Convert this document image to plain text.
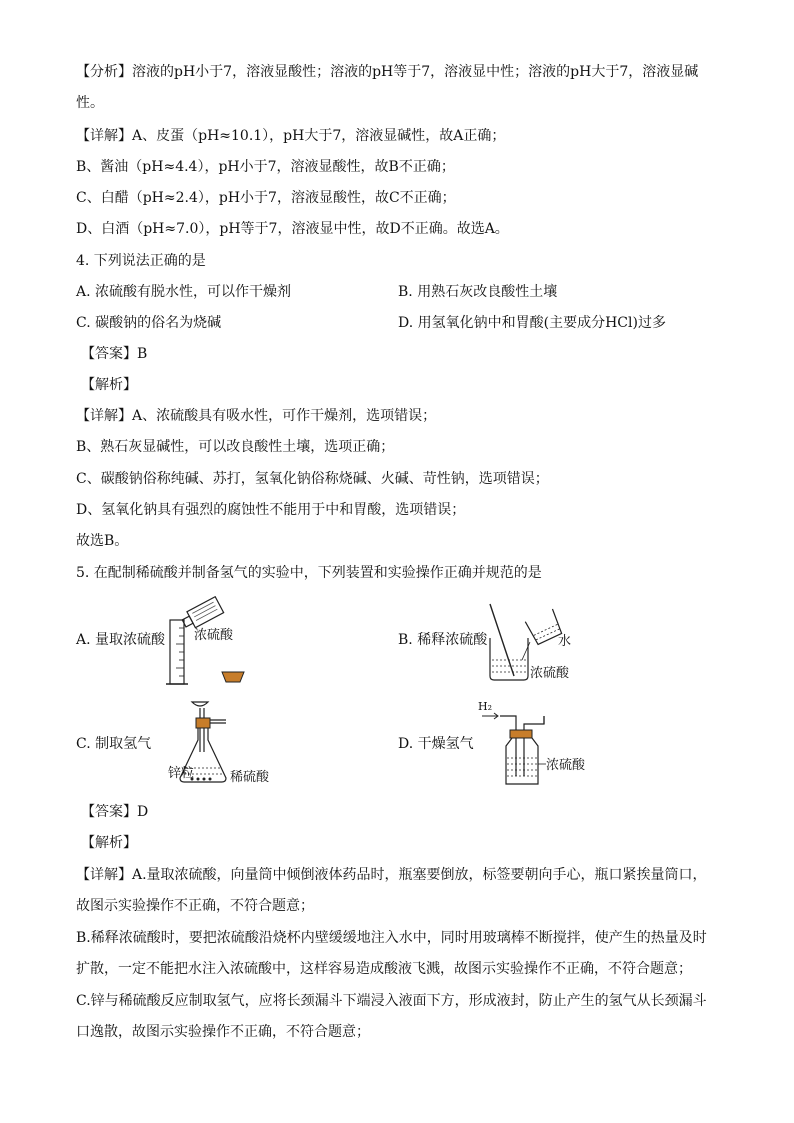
【分析】溶液的pH小于7，溶液显酸性；溶液的pH等于7，溶液显中性；溶液的pH大于7，溶液显碱
性。
【详解】A、皮蛋（pH≈10.1），pH大于7，溶液显碱性，故A正确；
B、酱油（pH≈4.4），pH小于7，溶液显酸性，故B不正确；
C、白醋（pH≈2.4），pH小于7，溶液显酸性，故C不正确；
D、白酒（pH≈7.0），pH等于7，溶液显中性，故D不正确。故选A。
4. 下列说法正确的是
A. 浓硫酸有脱水性，可以作干燥剂	B. 用熟石灰改良酸性土壤
C. 碳酸钠的俗名为烧碱	D. 用氢氧化钠中和胃酸(主要成分HCl)过多
【答案】B
【解析】
【详解】A、浓硫酸具有吸水性，可作干燥剂，选项错误；
B、熟石灰显碱性，可以改良酸性土壤，选项正确；
C、碳酸钠俗称纯碱、苏打，氢氧化钠俗称烧碱、火碱、苛性钠，选项错误；
D、氢氧化钠具有强烈的腐蚀性不能用于中和胃酸，选项错误；
故选B。
5. 在配制稀硫酸并制备氢气的实验中，下列装置和实验操作正确并规范的是
A. 量取浓硫酸 浓硫酸	B. 稀释浓硫酸	水
浓硫酸
C. 制取氢气
锌粒	稀硫酸
D. 干燥氢气
H₂
浓硫酸
【答案】D
【解析】
【详解】A.量取浓硫酸，向量筒中倾倒液体药品时，瓶塞要倒放，标签要朝向手心，瓶口紧挨量筒口，
故图示实验操作不正确，不符合题意；
B.稀释浓硫酸时，要把浓硫酸沿烧杯内壁缓缓地注入水中，同时用玻璃棒不断搅拌，使产生的热量及时
扩散，一定不能把水注入浓硫酸中，这样容易造成酸液飞溅，故图示实验操作不正确，不符合题意；
C.锌与稀硫酸反应制取氢气，应将长颈漏斗下端浸入液面下方，形成液封，防止产生的氢气从长颈漏斗
口逸散，故图示实验操作不正确，不符合题意；
